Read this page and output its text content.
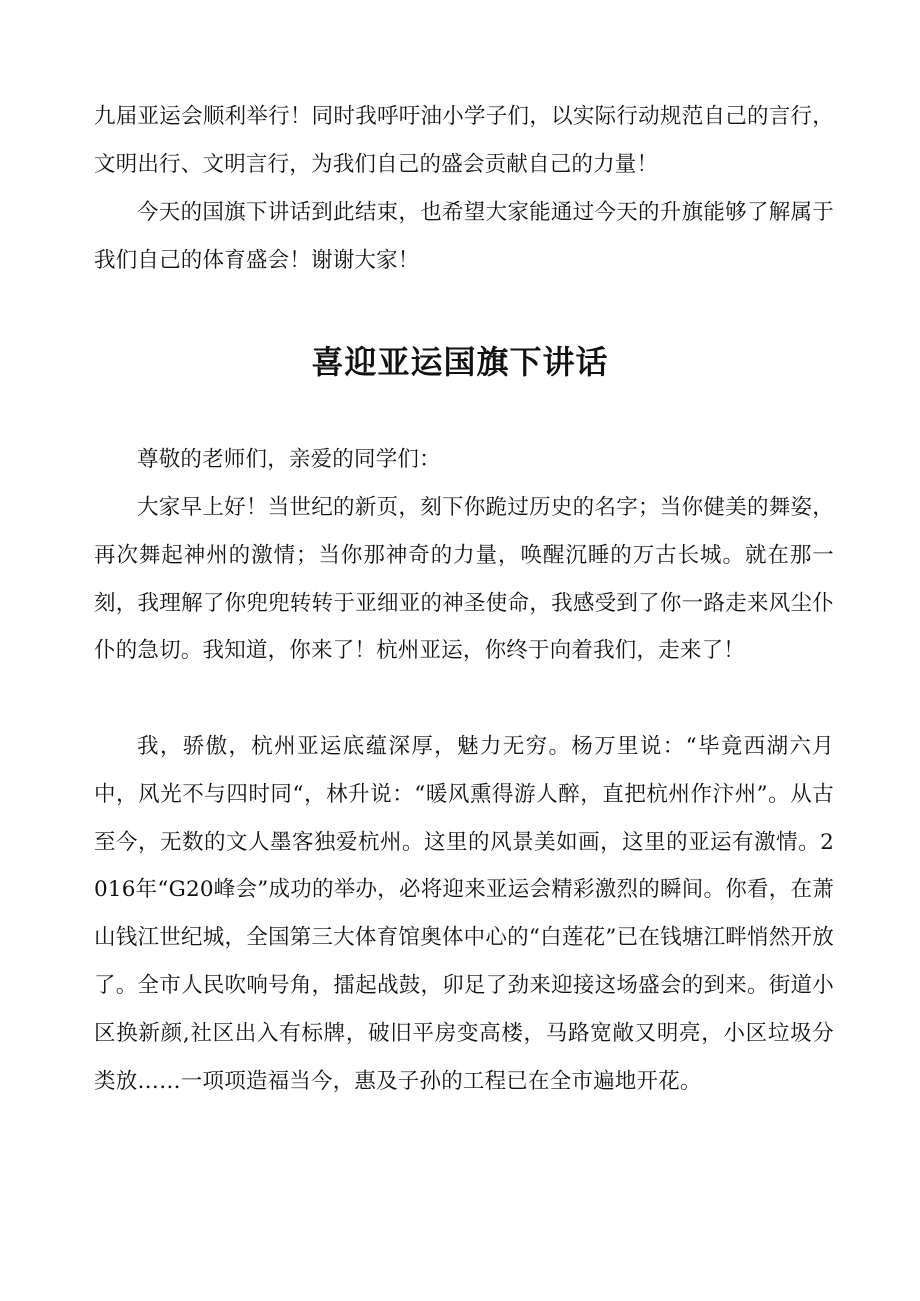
九届亚运会顺利举行！同时我呼吁油小学子们，以实际行动规范自己的言行，文明出行、文明言行，为我们自己的盛会贡献自己的力量！

今天的国旗下讲话到此结束，也希望大家能通过今天的升旗能够了解属于我们自己的体育盛会！谢谢大家！

喜迎亚运国旗下讲话

尊敬的老师们，亲爱的同学们：

大家早上好！当世纪的新页，刻下你跪过历史的名字；当你健美的舞姿，再次舞起神州的激情；当你那神奇的力量，唤醒沉睡的万古长城。就在那一刻，我理解了你兜兜转转于亚细亚的神圣使命，我感受到了你一路走来风尘仆仆的急切。我知道，你来了！杭州亚运，你终于向着我们，走来了！

我，骄傲，杭州亚运底蕴深厚，魅力无穷。杨万里说：“毕竟西湖六月中，风光不与四时同“，林升说：“暖风熏得游人醉，直把杭州作汴州”。从古至今，无数的文人墨客独爱杭州。这里的风景美如画，这里的亚运有激情。2016年“G20峰会”成功的举办，必将迎来亚运会精彩激烈的瞬间。你看，在萧山钱江世纪城，全国第三大体育馆奥体中心的“白莲花”已在钱塘江畔悄然开放了。全市人民吹响号角，擂起战鼓，卯足了劲来迎接这场盛会的到来。街道小区换新颜,社区出入有标牌，破旧平房变高楼，马路宽敞又明亮，小区垃圾分类放……一项项造福当今，惠及子孙的工程已在全市遍地开花。
